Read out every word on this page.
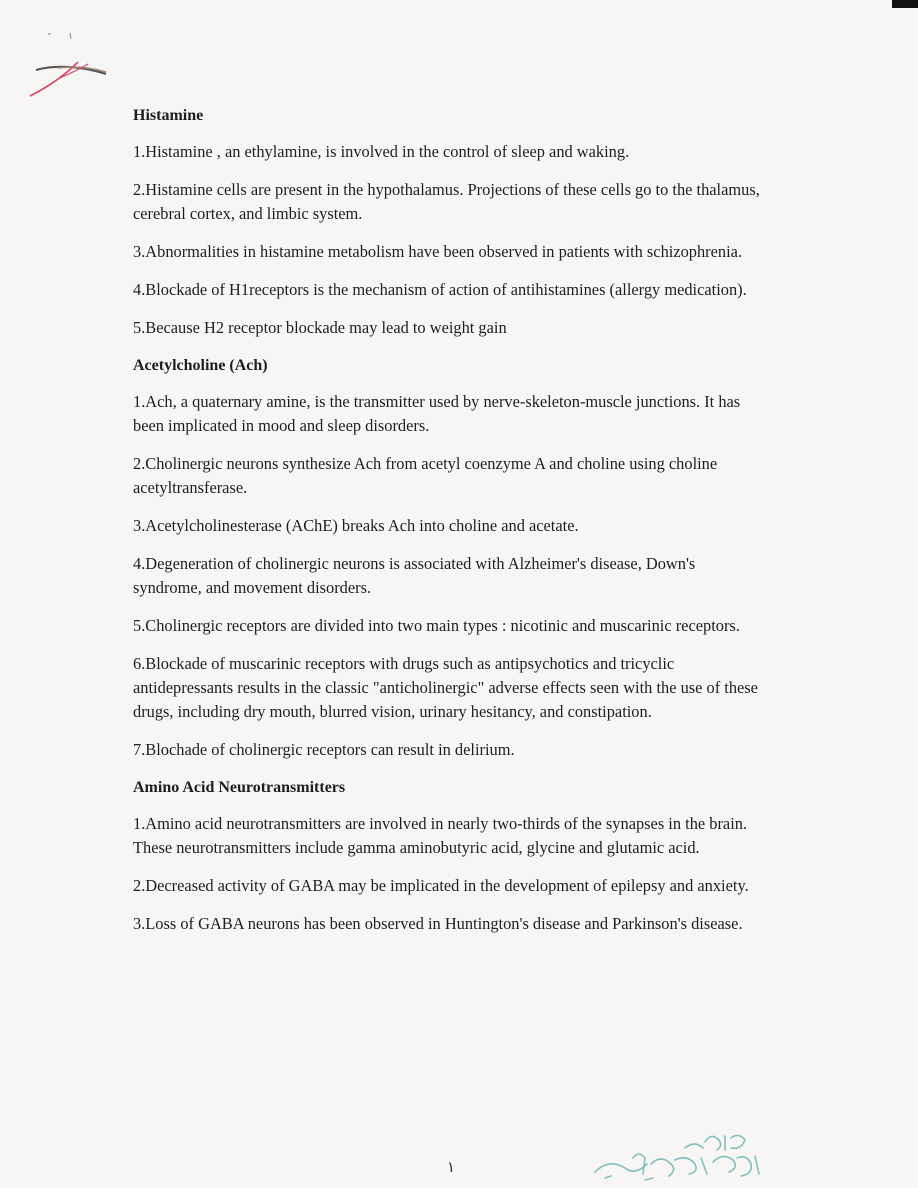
Histamine

1.Histamine , an ethylamine, is involved in the control of sleep and waking.

2.Histamine cells are present in the hypothalamus. Projections of these cells go to the thalamus, cerebral cortex, and limbic system.

3.Abnormalities in histamine metabolism have been observed in patients with schizophrenia.

4.Blockade of H1receptors is the mechanism of action of antihistamines (allergy medication).

5.Because H2 receptor blockade may lead to weight gain

Acetylcholine (Ach)

1.Ach, a quaternary amine, is the transmitter used by nerve-skeleton-muscle junctions. It has been implicated in mood and sleep disorders.

2.Cholinergic neurons synthesize Ach from acetyl coenzyme A and choline using choline acetyltransferase.

3.Acetylcholinesterase (AChE) breaks Ach into choline and acetate.

4.Degeneration of cholinergic neurons is associated with Alzheimer's disease, Down's syndrome, and movement disorders.

5.Cholinergic receptors are divided into two main types : nicotinic and muscarinic receptors.

6.Blockade of muscarinic receptors with drugs such as antipsychotics and tricyclic antidepressants results in the classic "anticholinergic" adverse effects seen with the use of these drugs, including dry mouth, blurred vision, urinary hesitancy, and constipation.

7.Blochade of cholinergic receptors can result in delirium.

Amino Acid Neurotransmitters

1.Amino acid neurotransmitters are involved in nearly two-thirds of the synapses in the brain. These neurotransmitters include gamma aminobutyric acid, glycine and glutamic acid.

2.Decreased activity of GABA may be implicated in the development of epilepsy and anxiety.

3.Loss of GABA neurons has been observed in Huntington's disease and Parkinson's disease.

١
